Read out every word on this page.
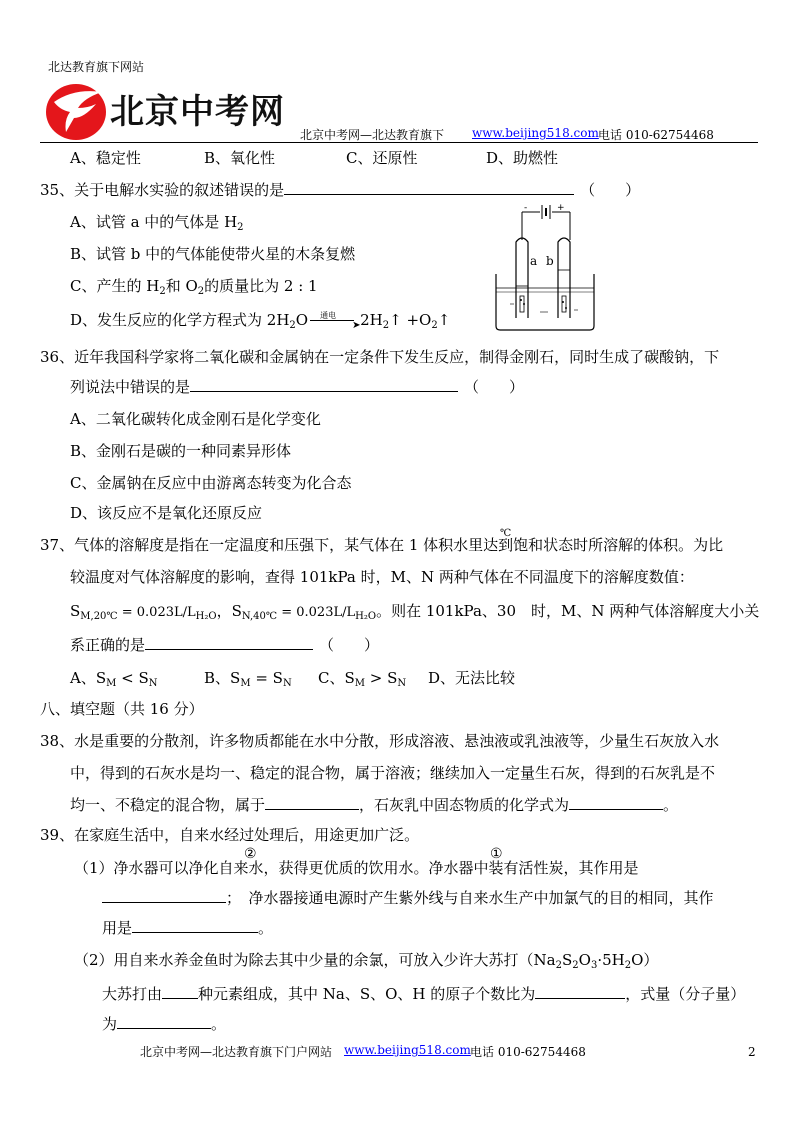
北达教育旗下网站
北京中考网
北京中考网—北达教育旗下 www.beijing518.com 电话 010-62754468
A、稳定性	B、氧化性	C、还原性	D、助燃性
35、关于电解水实验的叙述错误的是	（　　）
A、试管 a 中的气体是 $H_2$
B、试管 b 中的气体能使带火星的木条复燃
C、产生的 $H_2$和 $O_2$的质量比为 2 : 1
D、发生反应的化学方程式为 $2H_2O$ 通电
➤ $2H_2↑$ $+O_2↑$
-	+
a b
36、近年我国科学家将二氧化碳和金属钠在一定条件下发生反应，制得金刚石，同时生成了碳酸钠，下
列说法中错误的是	（　　）
A、二氧化碳转化成金刚石是化学变化
B、金刚石是碳的一种同素异形体
C、金属钠在反应中由游离态转变为化合态
D、该反应不是氧化还原反应
37、气体的溶解度是指在一定温度和压强下，某气体在 1 体积水里达到饱和状态时所溶解的体积。为比
℃
较温度对气体溶解度的影响，查得 101kPa 时，M、N 两种气体在不同温度下的溶解度数值：
$S_{M,20℃} = 0.023L/L_{H_2O}$，$S_{N,40℃} = 0.023L/L_{H_2O}$。则在 101kPa、30　时，M、N 两种气体溶解度大小关
系正确的是	（　　）
A、$S_M < S_N$	B、$S_M = S_N$ C、$S_M > S_N$ D、无法比较
八、填空题（共 16 分）
38、水是重要的分散剂，许多物质都能在水中分散，形成溶液、悬浊液或乳浊液等，少量生石灰放入水
中，得到的石灰水是均一、稳定的混合物，属于溶液；继续加入一定量生石灰，得到的石灰乳是不
均一、不稳定的混合物，属于	，石灰乳中固态物质的化学式为	。
39、在家庭生活中，自来水经过处理后，用途更加广泛。
（1）净水器可以净化自来水，获得更优质的饮用水。净水器中装有活性炭，其作用是
②	①
；　净水器接通电源时产生紫外线与自来水生产中加氯气的目的相同，其作
用是	。
（2）用自来水养金鱼时为除去其中少量的余氯，可放入少许大苏打$(Na_2S_2O_3\cdot 5H_2O)$
大苏打由 种元素组成，其中 Na、S、O、H 的原子个数比为	，式量（分子量）
为	。
北京中考网—北达教育旗下门户网站 www.beijing518.com 电话 010-62754468	2
